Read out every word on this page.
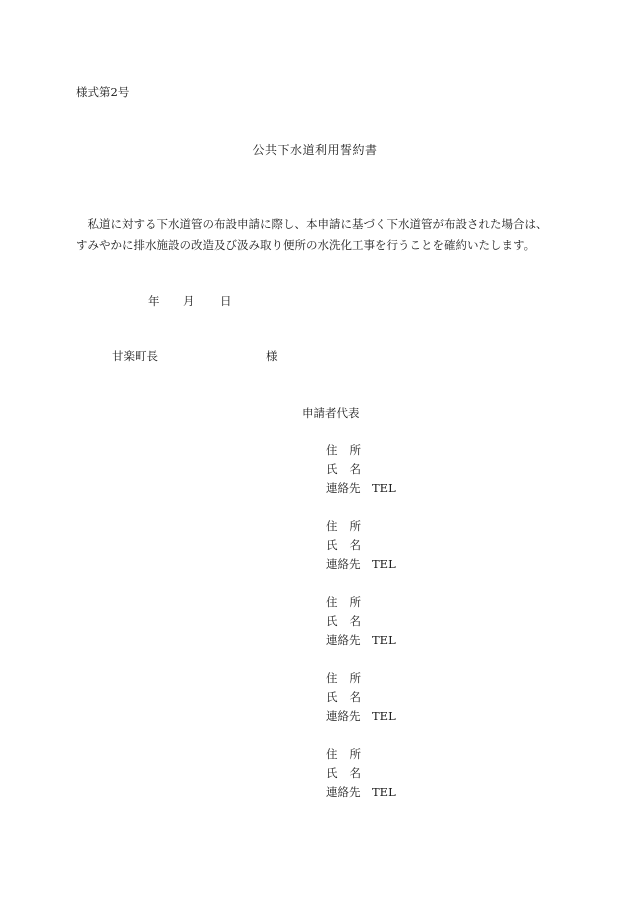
様式第2号
公共下水道利用誓約書

私道に対する下水道管の布設申請に際し、本申請に基づく下水道管が布設された場合は、

すみやかに排水施設の改造及び汲み取り便所の水洗化工事を行うことを確約いたします。

年 月 日
甘楽町長	様
申請者代表
住 所
氏 名
連絡先 TEL
住 所
氏 名
連絡先 TEL
住 所
氏 名
連絡先 TEL
住 所
氏 名
連絡先 TEL
住 所
氏 名
連絡先 TEL
